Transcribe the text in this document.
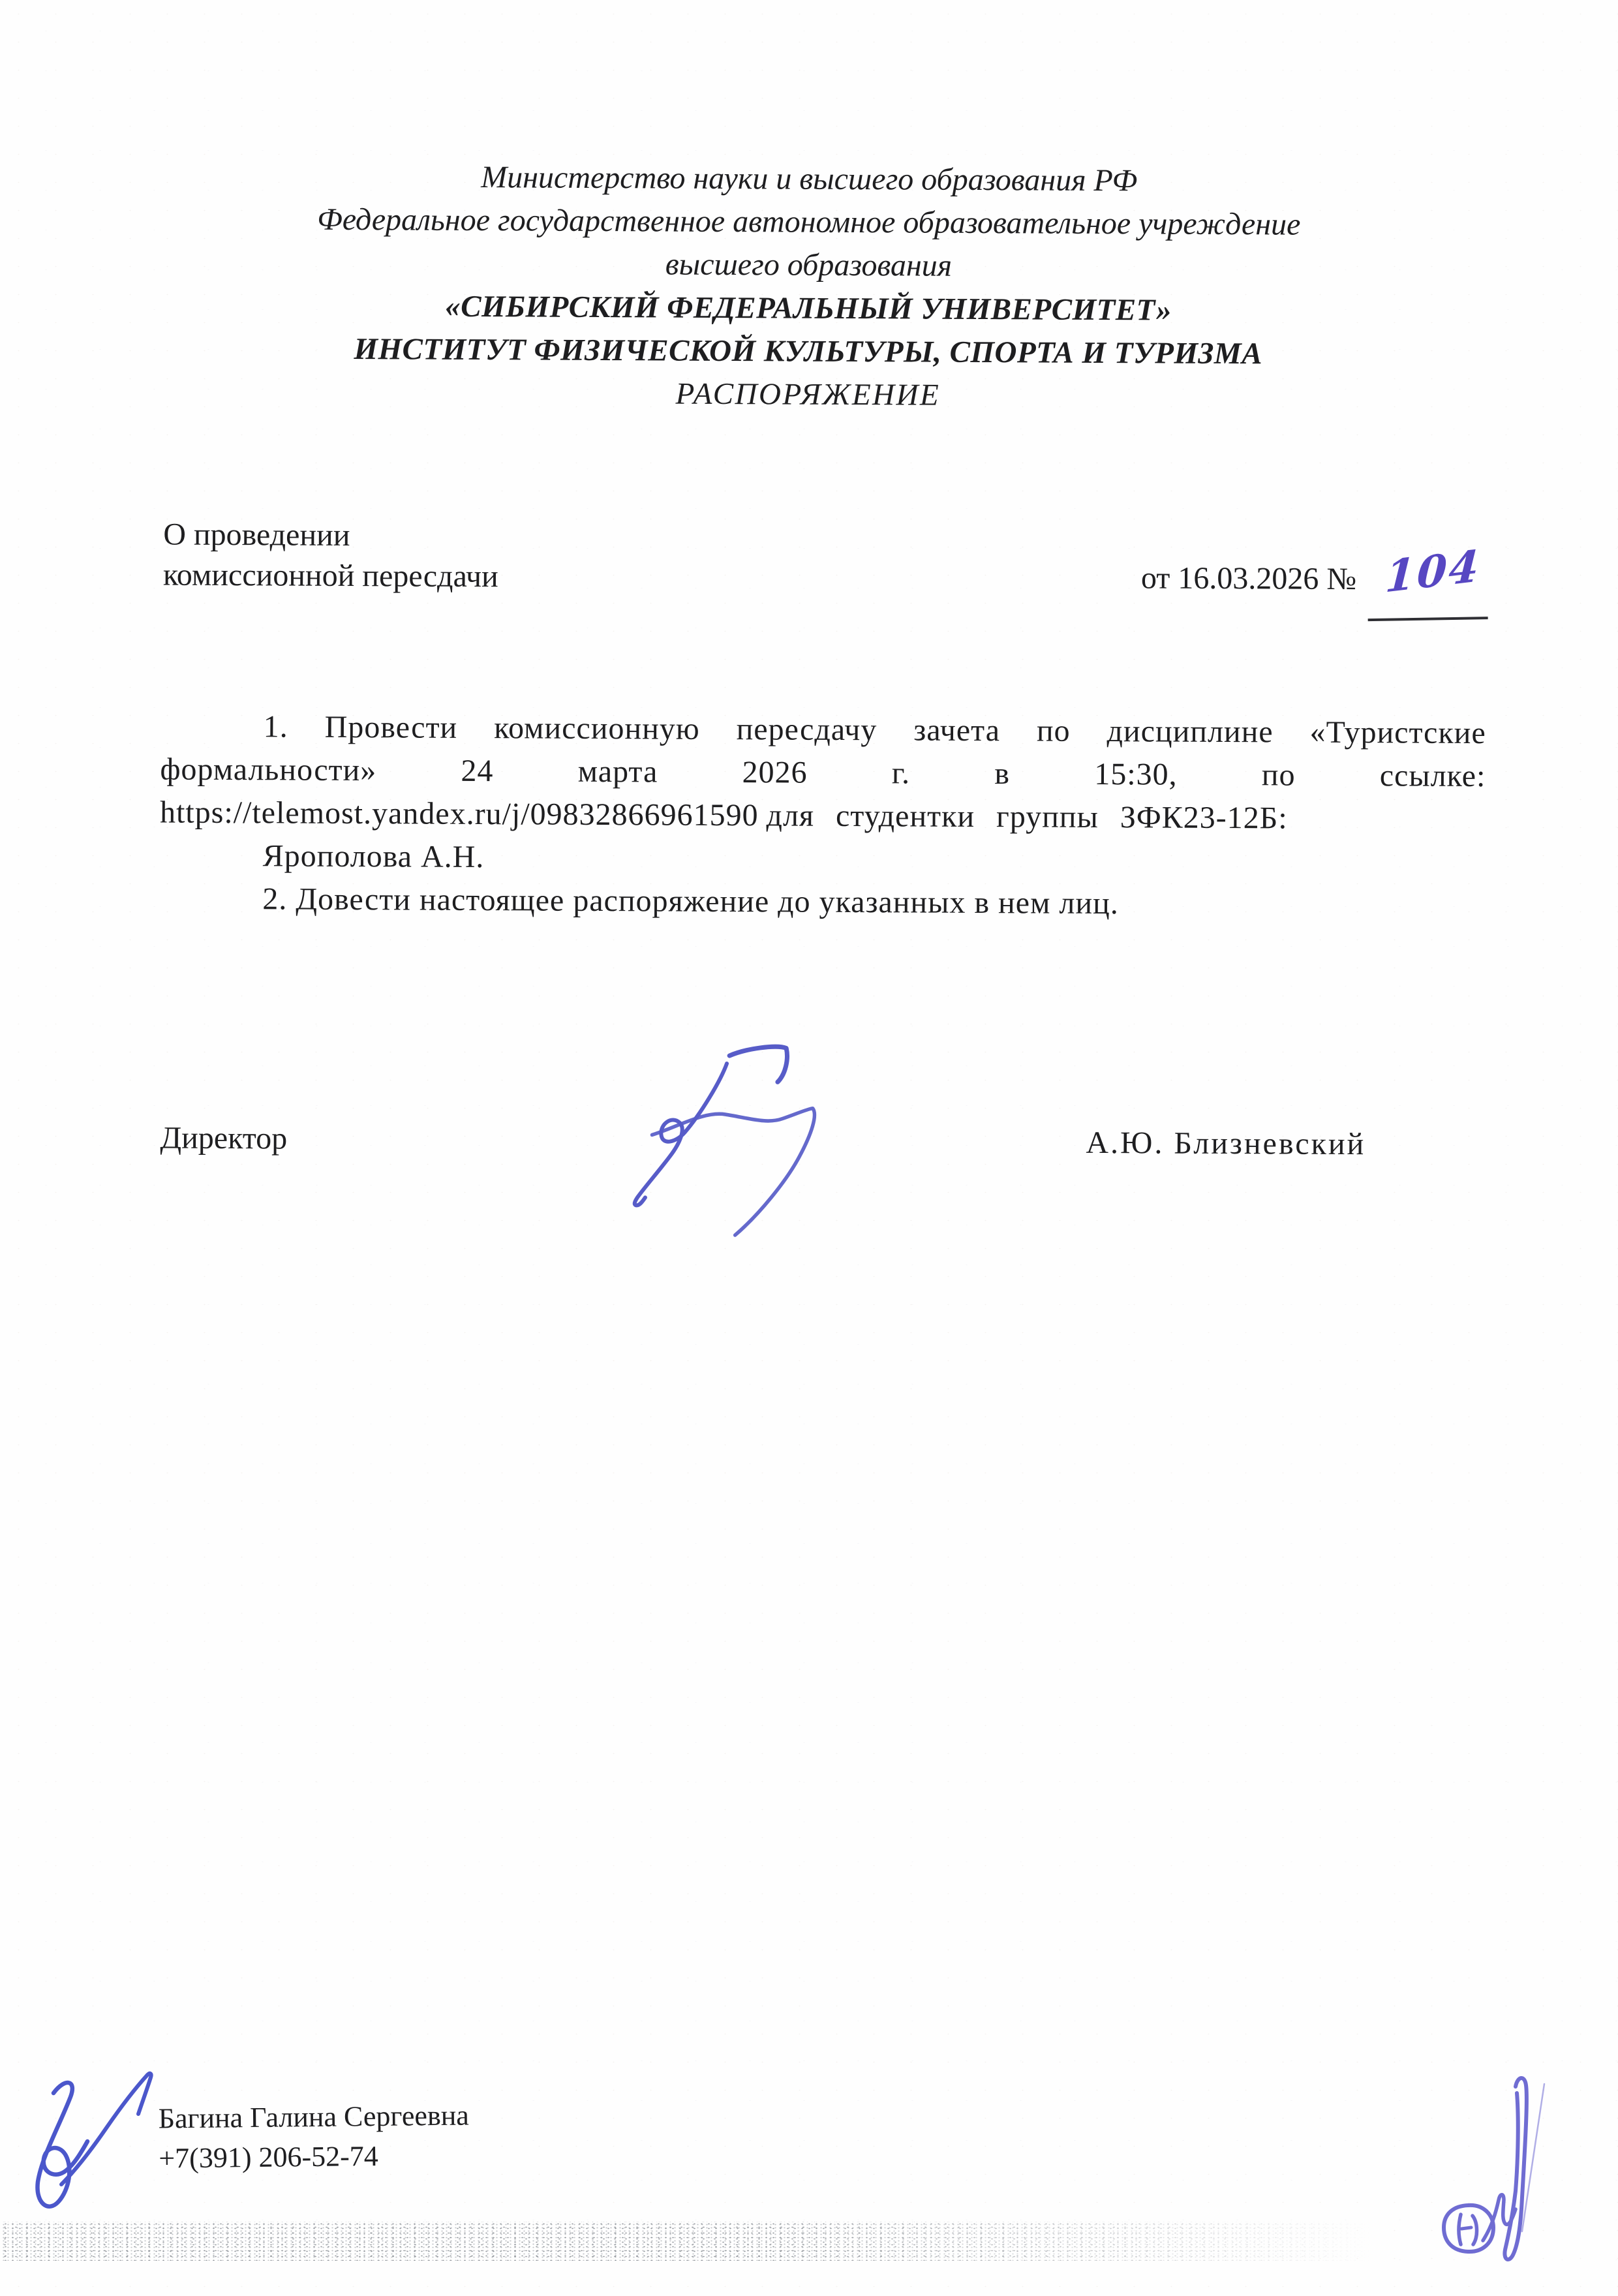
Министерство науки и высшего образования РФ
Федеральное государственное автономное образовательное учреждение
высшего образования
«СИБИРСКИЙ ФЕДЕРАЛЬНЫЙ УНИВЕРСИТЕТ»
ИНСТИТУТ ФИЗИЧЕСКОЙ КУЛЬТУРЫ, СПОРТА И ТУРИЗМА
РАСПОРЯЖЕНИЕ
О проведении
комиссионной пересдачи	от 16.03.2026 № 104
1. Провести комиссионную пересдачу зачета по дисциплине «Туристские
формальности» 24 марта 2026 г. в 15:30, по ссылке:
https://telemost.yandex.ru/j/09832866961590 для студентки группы ЗФК23-12Б:
Ярополова А.Н.
2. Довести настоящее распоряжение до указанных в нем лиц.
Директор	А.Ю. Близневский
Багина Галина Сергеевна
+7(391) 206-52-74
